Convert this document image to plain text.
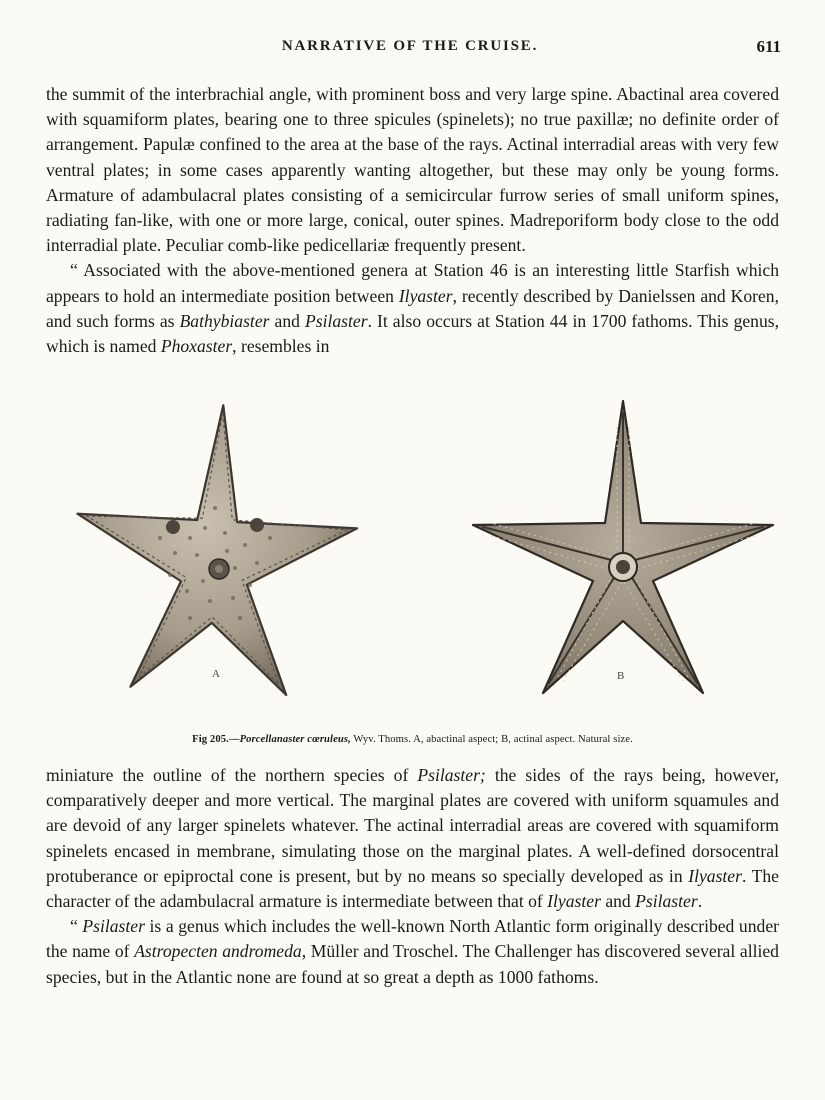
NARRATIVE OF THE CRUISE.	611

the summit of the interbrachial angle, with prominent boss and very large spine. Abactinal area covered with squamiform plates, bearing one to three spicules (spinelets); no true paxillæ; no definite order of arrangement. Papulæ confined to the area at the base of the rays. Actinal interradial areas with very few ventral plates; in some cases apparently wanting altogether, but these may only be young forms. Armature of adambulacral plates consisting of a semicircular furrow series of small uniform spines, radiating fan-like, with one or more large, conical, outer spines. Madreporiform body close to the odd interradial plate. Peculiar comb-like pedicellariæ frequently present.

“ Associated with the above-mentioned genera at Station 46 is an interesting little Starfish which appears to hold an intermediate position between Ilyaster, recently described by Danielssen and Koren, and such forms as Bathybiaster and Psilaster. It also occurs at Station 44 in 1700 fathoms. This genus, which is named Phoxaster, resembles in

A	B
Fig 205.—Porcellanaster cœruleus, Wyv. Thoms. A, abactinal aspect; B, actinal aspect. Natural size.

miniature the outline of the northern species of Psilaster; the sides of the rays being, however, comparatively deeper and more vertical. The marginal plates are covered with uniform squamules and are devoid of any larger spinelets whatever. The actinal interradial areas are covered with squamiform spinelets encased in membrane, simulating those on the marginal plates. A well-defined dorsocentral protuberance or epiproctal cone is present, but by no means so specially developed as in Ilyaster. The character of the adambulacral armature is intermediate between that of Ilyaster and Psilaster.

“ Psilaster is a genus which includes the well-known North Atlantic form originally described under the name of Astropecten andromeda, Müller and Troschel. The Challenger has discovered several allied species, but in the Atlantic none are found at so great a depth as 1000 fathoms.
